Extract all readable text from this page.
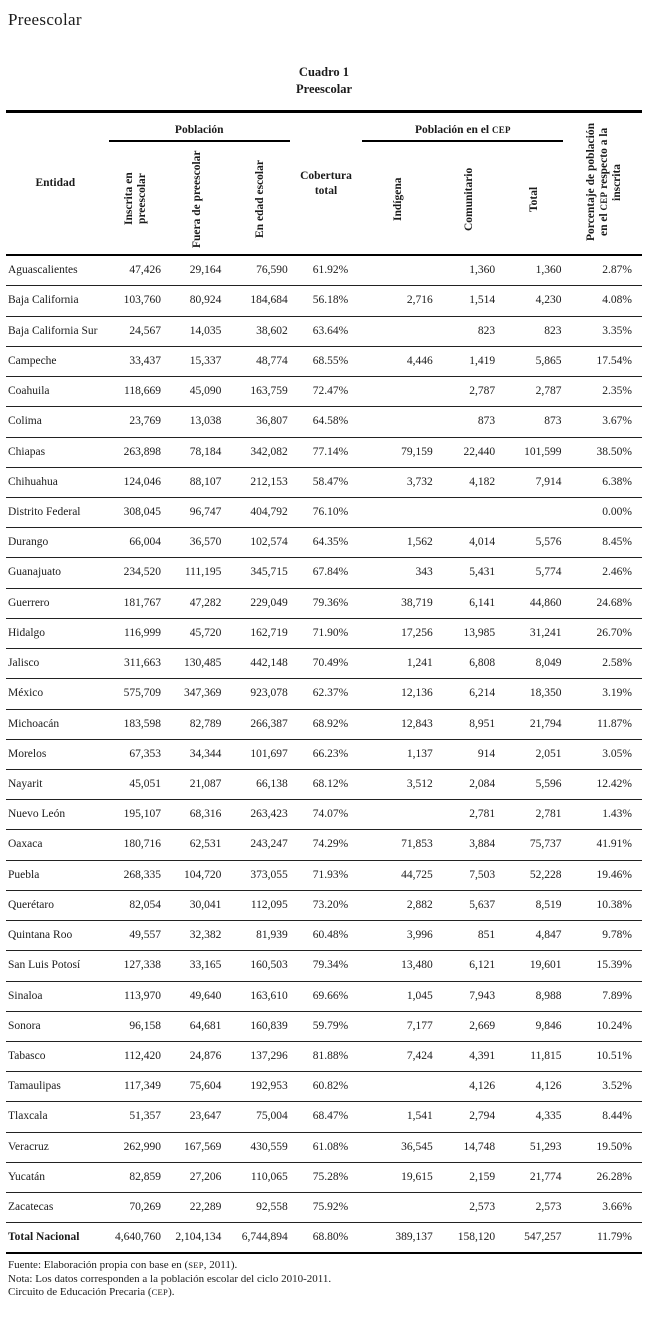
Preescolar
Cuadro 1
Preescolar
Entidad	Población			Cobertura total	Población en el CEP			Porcentaje de población en el CEP respecto a la inscrita
	Inscrita en preescolar	Fuera de preescolar	En edad escolar		Indígena	Comunitario	Total	
Aguascalientes	47,426	29,164	76,590	61.92%		1,360	1,360	2.87%
Baja California	103,760	80,924	184,684	56.18%	2,716	1,514	4,230	4.08%
Baja California Sur	24,567	14,035	38,602	63.64%		823	823	3.35%
Campeche	33,437	15,337	48,774	68.55%	4,446	1,419	5,865	17.54%
Coahuila	118,669	45,090	163,759	72.47%		2,787	2,787	2.35%
Colima	23,769	13,038	36,807	64.58%		873	873	3.67%
Chiapas	263,898	78,184	342,082	77.14%	79,159	22,440	101,599	38.50%
Chihuahua	124,046	88,107	212,153	58.47%	3,732	4,182	7,914	6.38%
Distrito Federal	308,045	96,747	404,792	76.10%				0.00%
Durango	66,004	36,570	102,574	64.35%	1,562	4,014	5,576	8.45%
Guanajuato	234,520	111,195	345,715	67.84%	343	5,431	5,774	2.46%
Guerrero	181,767	47,282	229,049	79.36%	38,719	6,141	44,860	24.68%
Hidalgo	116,999	45,720	162,719	71.90%	17,256	13,985	31,241	26.70%
Jalisco	311,663	130,485	442,148	70.49%	1,241	6,808	8,049	2.58%
México	575,709	347,369	923,078	62.37%	12,136	6,214	18,350	3.19%
Michoacán	183,598	82,789	266,387	68.92%	12,843	8,951	21,794	11.87%
Morelos	67,353	34,344	101,697	66.23%	1,137	914	2,051	3.05%
Nayarit	45,051	21,087	66,138	68.12%	3,512	2,084	5,596	12.42%
Nuevo León	195,107	68,316	263,423	74.07%		2,781	2,781	1.43%
Oaxaca	180,716	62,531	243,247	74.29%	71,853	3,884	75,737	41.91%
Puebla	268,335	104,720	373,055	71.93%	44,725	7,503	52,228	19.46%
Querétaro	82,054	30,041	112,095	73.20%	2,882	5,637	8,519	10.38%
Quintana Roo	49,557	32,382	81,939	60.48%	3,996	851	4,847	9.78%
San Luis Potosí	127,338	33,165	160,503	79.34%	13,480	6,121	19,601	15.39%
Sinaloa	113,970	49,640	163,610	69.66%	1,045	7,943	8,988	7.89%
Sonora	96,158	64,681	160,839	59.79%	7,177	2,669	9,846	10.24%
Tabasco	112,420	24,876	137,296	81.88%	7,424	4,391	11,815	10.51%
Tamaulipas	117,349	75,604	192,953	60.82%		4,126	4,126	3.52%
Tlaxcala	51,357	23,647	75,004	68.47%	1,541	2,794	4,335	8.44%
Veracruz	262,990	167,569	430,559	61.08%	36,545	14,748	51,293	19.50%
Yucatán	82,859	27,206	110,065	75.28%	19,615	2,159	21,774	26.28%
Zacatecas	70,269	22,289	92,558	75.92%		2,573	2,573	3.66%
Total Nacional	4,640,760	2,104,134	6,744,894	68.80%	389,137	158,120	547,257	11.79%
Fuente: Elaboración propia con base en (SEP, 2011).
Nota: Los datos corresponden a la población escolar del ciclo 2010-2011.
Circuito de Educación Precaria (CEP).
